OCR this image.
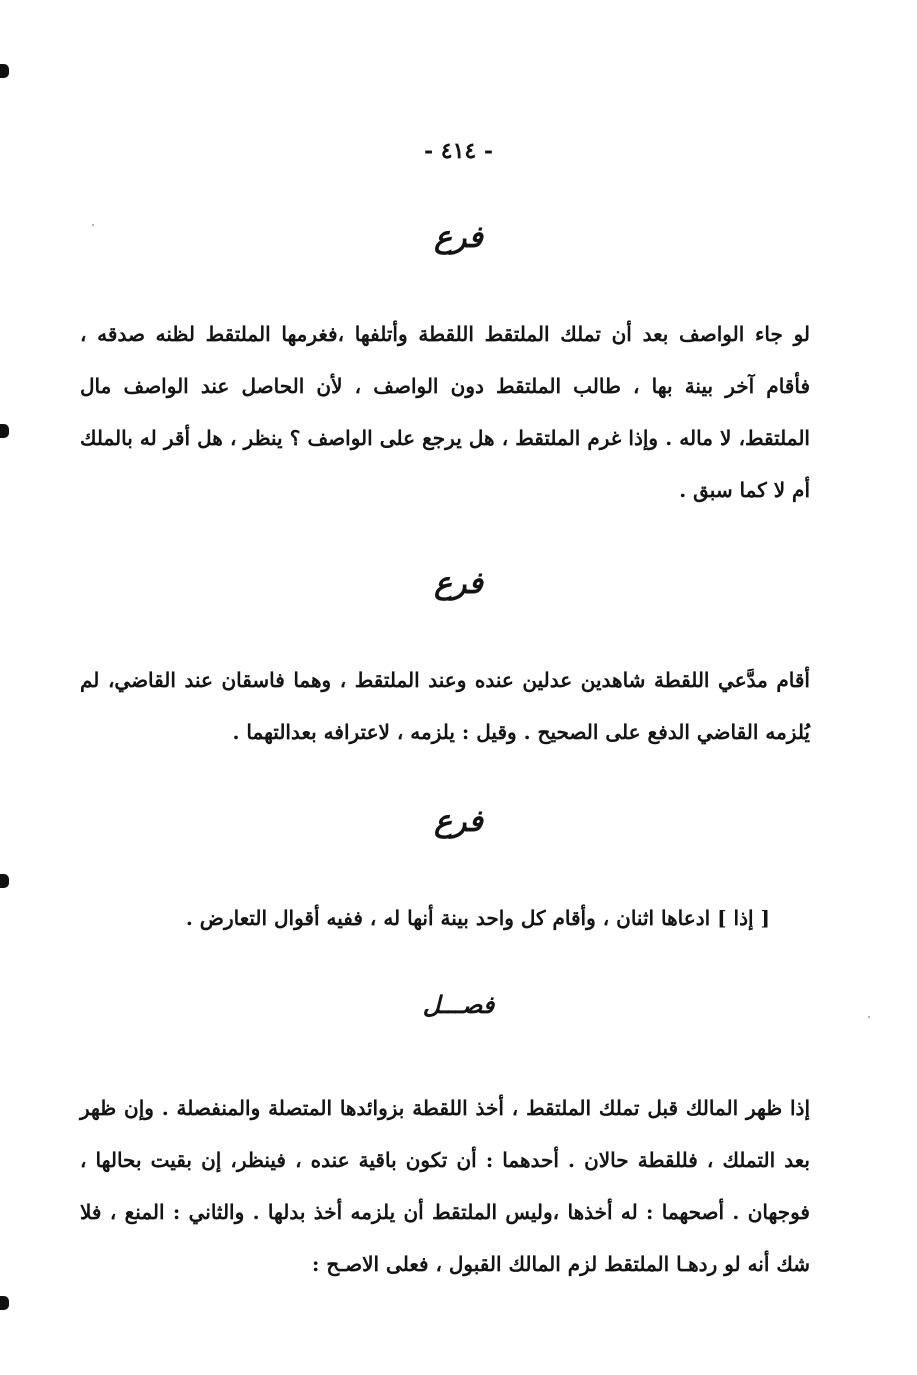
- ٤١٤ -
فرع
لو جاء الواصف بعد أن تملك الملتقط اللقطة وأتلفها ،فغرمها الملتقط لظنه صدقه ، فأقام آخر بينة بها ، طالب الملتقط دون الواصف ، لأن الحاصل عند الواصف مال الملتقط، لا ماله . وإذا غرم الملتقط ، هل يرجع على الواصف ؟ ينظر ، هل أقر له بالملك أم لا كما سبق .
فرع
أقام مدَّعي اللقطة شاهدين عدلين عنده وعند الملتقط ، وهما فاسقان عند القاضي، لم يُلزمه القاضي الدفع على الصحيح . وقيل : يلزمه ، لاعترافه بعدالتهما .
فرع
[ إذا ] ادعاها اثنان ، وأقام كل واحد بينة أنها له ، ففيه أقوال التعارض .
فصـــل
إذا ظهر المالك قبل تملك الملتقط ، أخذ اللقطة بزوائدها المتصلة والمنفصلة . وإن ظهر بعد التملك ، فللقطة حالان . أحدهما : أن تكون باقية عنده ، فينظر، إن بقيت بحالها ، فوجهان . أصحهما : له أخذها ،وليس الملتقط أن يلزمه أخذ بدلها . والثاني : المنع ، فلا شك أنه لو ردهـا الملتقط لزم المالك القبول ، فعلى الاصـح :
